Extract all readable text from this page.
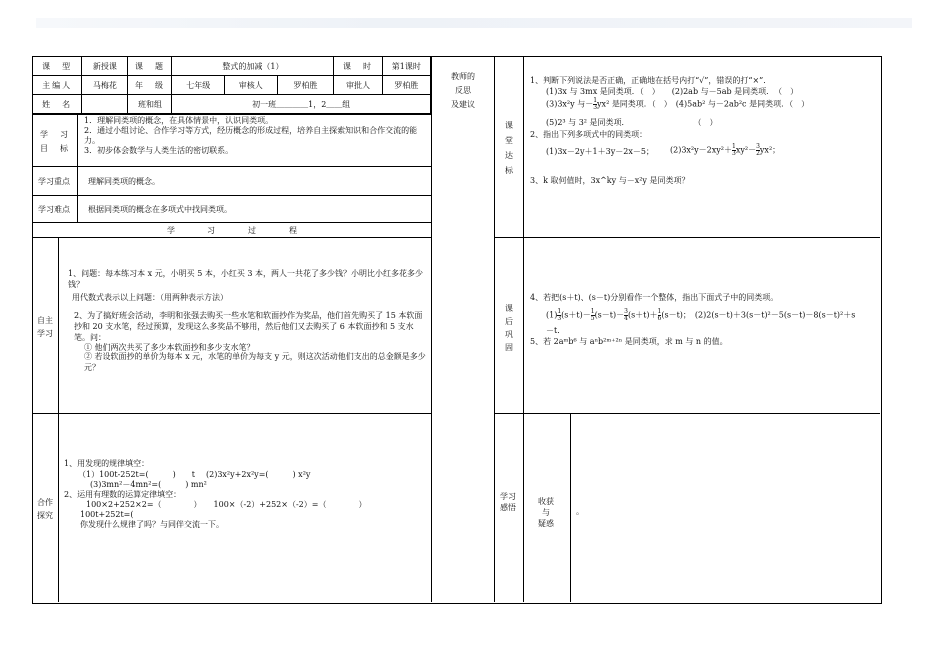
课　型	新授课	课　题	整式的加减（1）			课　时	第1课时
主编人	马梅花	年　级	七年级	审核人	罗柏胜	审批人	罗柏胜
姓　名		班和组	初一班＿＿＿＿1，2＿＿组				
教师的
反思
及建议
学　习
目　标
1．理解同类项的概念，在具体情景中，认识同类项。
2．通过小组讨论、合作学习等方式，经历概念的形成过程，培养自主探索知识和合作交流的能力。
3．初步体会数学与人类生活的密切联系。
学习重点 理解同类项的概念。
学习难点 根据同类项的概念在多项式中找同类项。
学	习	过	程
自主
学习
1、问题：每本练习本 x 元，小明买 5 本，小红买 3 本，两人一共花了多少钱？小明比小红多花多少钱？
用代数式表示以上问题：（用两种表示方法）
2、为了搞好班会活动，李明和张强去购买一些水笔和软面抄作为奖品，他们首先购买了 15 本软面抄和 20 支水笔，经过预算，发现这么多奖品不够用，然后他们又去购买了 6 本软面抄和 5 支水笔。问：
① 他们两次共买了多少本软面抄和多少支水笔？
② 若设软面抄的单价为每本 x 元，水笔的单价为每支 y 元，则这次活动他们支出的总金额是多少元？
合作
探究
1、用发现的规律填空：
（1）100t-252t=(　　　)　　t (2)3x²y+2x²y=(　　　) x²y
(3)3mn²－4mn²=(　　　) mn²
2、运用有理数的运算定律填空：
100×2+252×2=（　　　　）　　100×（-2）+252×（-2）=（　　　　）
100t+252t=(
你发现什么规律了吗？与同伴交流一下。
课
堂
达
标
1、判断下列说法是否正确，正确地在括号内打“√”，错误的打“×”．
(1)3x 与 3mx 是同类项．（　）　　(2)2ab 与－5ab 是同类项．　（　）
(3)3x²y 与－ $\frac{1}{3} yx^2$ 是同类项．（　）　(4)5ab² 与－2ab²c 是同类项．（　）
(5)2³ 与 3² 是同类项．　　　　　　　　　（　）
2、指出下列多项式中的同类项：
(1)3x－2y＋1＋3y－2x－5； $(2)3x^2y-2xy^2+ \frac{1}{3} xy^2- \frac{3}{2} yx^2$；
3、k 取何值时，3x^ky 与－x²y 是同类项？
课
后
巩
固
4、若把(s＋t)、(s－t)分别看作一个整体，指出下面式子中的同类项。
$(1) \frac{1}{3} (s+t)- \frac{1}{5} (s-t)- \frac{3}{4} (s+t)+ \frac{1}{6} (s-t)$；　(2)2(s－t)＋3(s－t)²－5(s－t)－8(s－t)²＋s
－t．
5、若 2aᵐb⁶ 与 aⁿb²ᵐ⁺²ⁿ 是同类项，求 m 与 n 的值。
学习
感悟
收获
与
疑惑
。
